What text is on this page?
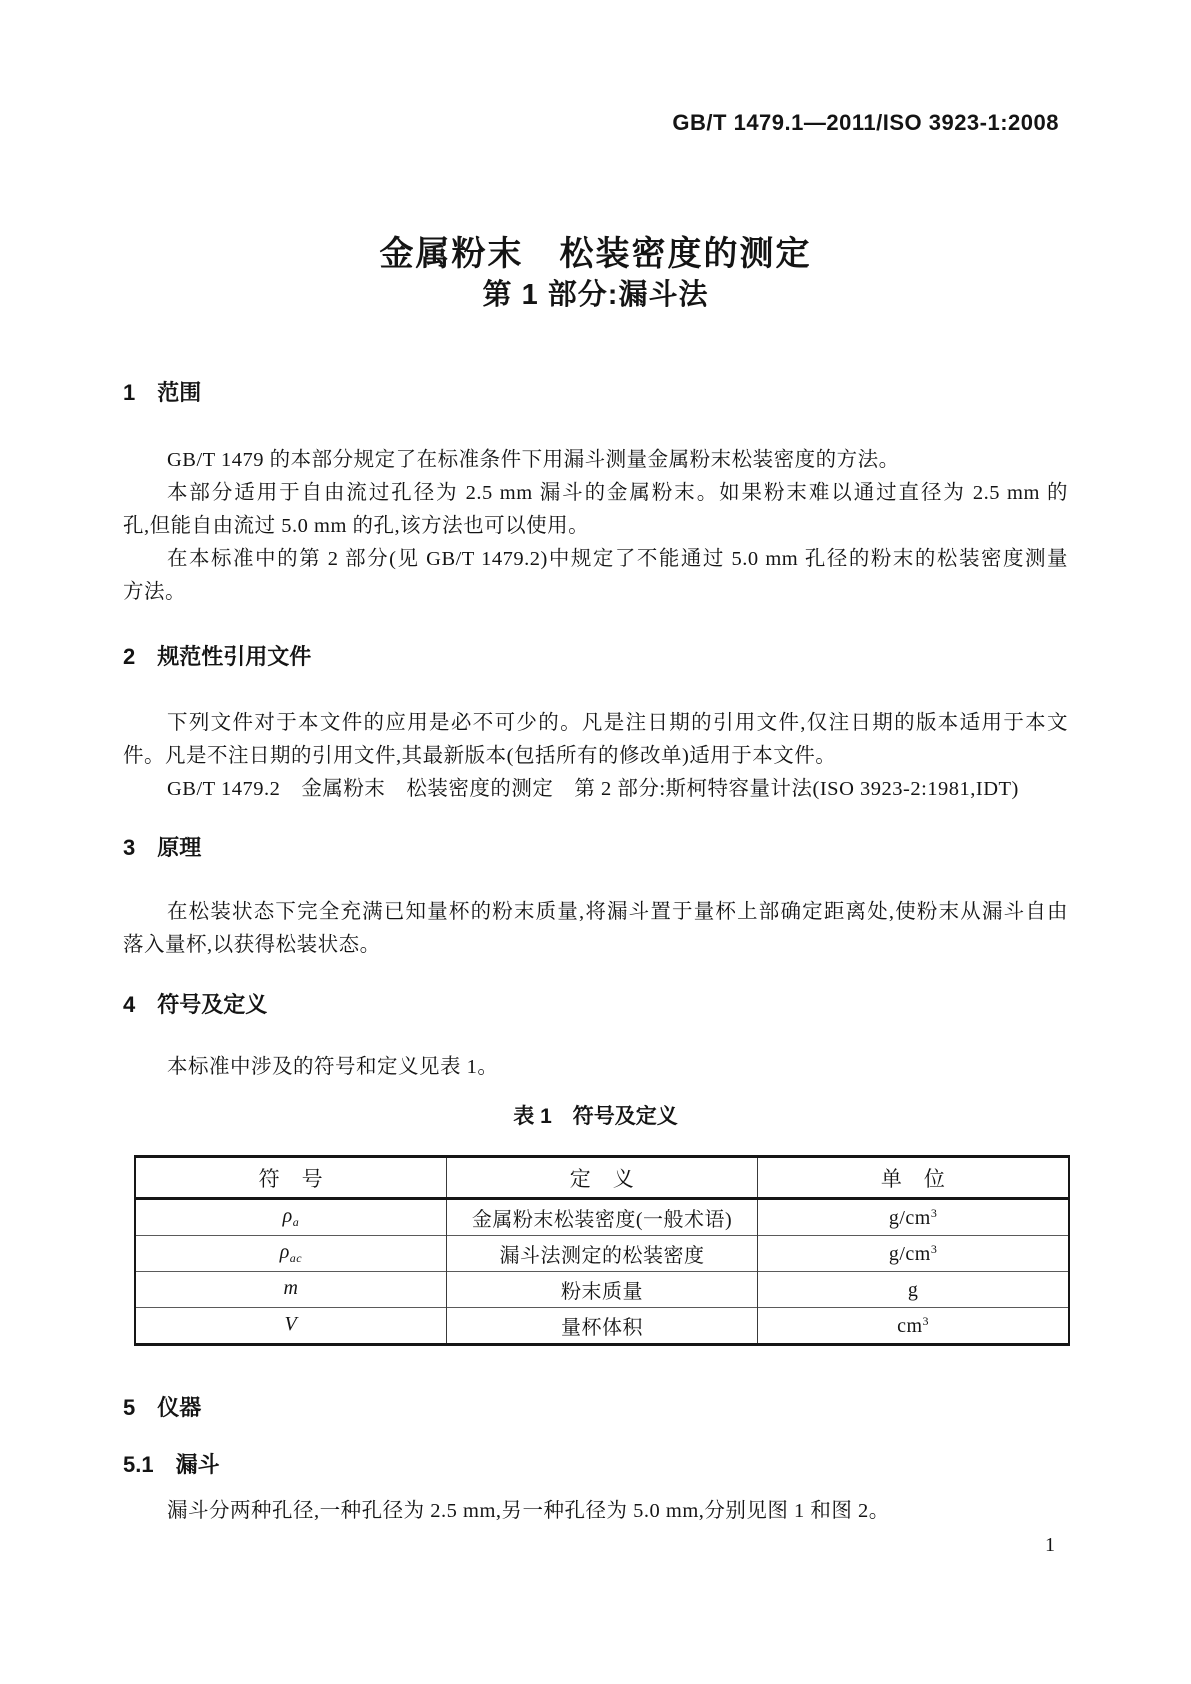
GB/T 1479.1—2011/ISO 3923-1:2008
金属粉末　松装密度的测定
第 1 部分:漏斗法
1　范围
GB/T 1479 的本部分规定了在标准条件下用漏斗测量金属粉末松装密度的方法。
本部分适用于自由流过孔径为 2.5 mm 漏斗的金属粉末。如果粉末难以通过直径为 2.5 mm 的
孔,但能自由流过 5.0 mm 的孔,该方法也可以使用。
在本标准中的第 2 部分(见 GB/T 1479.2)中规定了不能通过 5.0 mm 孔径的粉末的松装密度测量
方法。
2　规范性引用文件
下列文件对于本文件的应用是必不可少的。凡是注日期的引用文件,仅注日期的版本适用于本文
件。凡是不注日期的引用文件,其最新版本(包括所有的修改单)适用于本文件。
GB/T 1479.2　金属粉末　松装密度的测定　第 2 部分:斯柯特容量计法(ISO 3923-2:1981,IDT)
3　原理
在松装状态下完全充满已知量杯的粉末质量,将漏斗置于量杯上部确定距离处,使粉末从漏斗自由
落入量杯,以获得松装状态。
4　符号及定义
本标准中涉及的符号和定义见表 1。
表 1　符号及定义
符　号	定　义	单　位
$\rho_a$	金属粉末松装密度(一般术语)	$g/cm^3$
$\rho_{ac}$	漏斗法测定的松装密度	$g/cm^3$
m	粉末质量	g
V	量杯体积	$cm^3$
5　仪器
5.1　漏斗
漏斗分两种孔径,一种孔径为 2.5 mm,另一种孔径为 5.0 mm,分别见图 1 和图 2。
1
